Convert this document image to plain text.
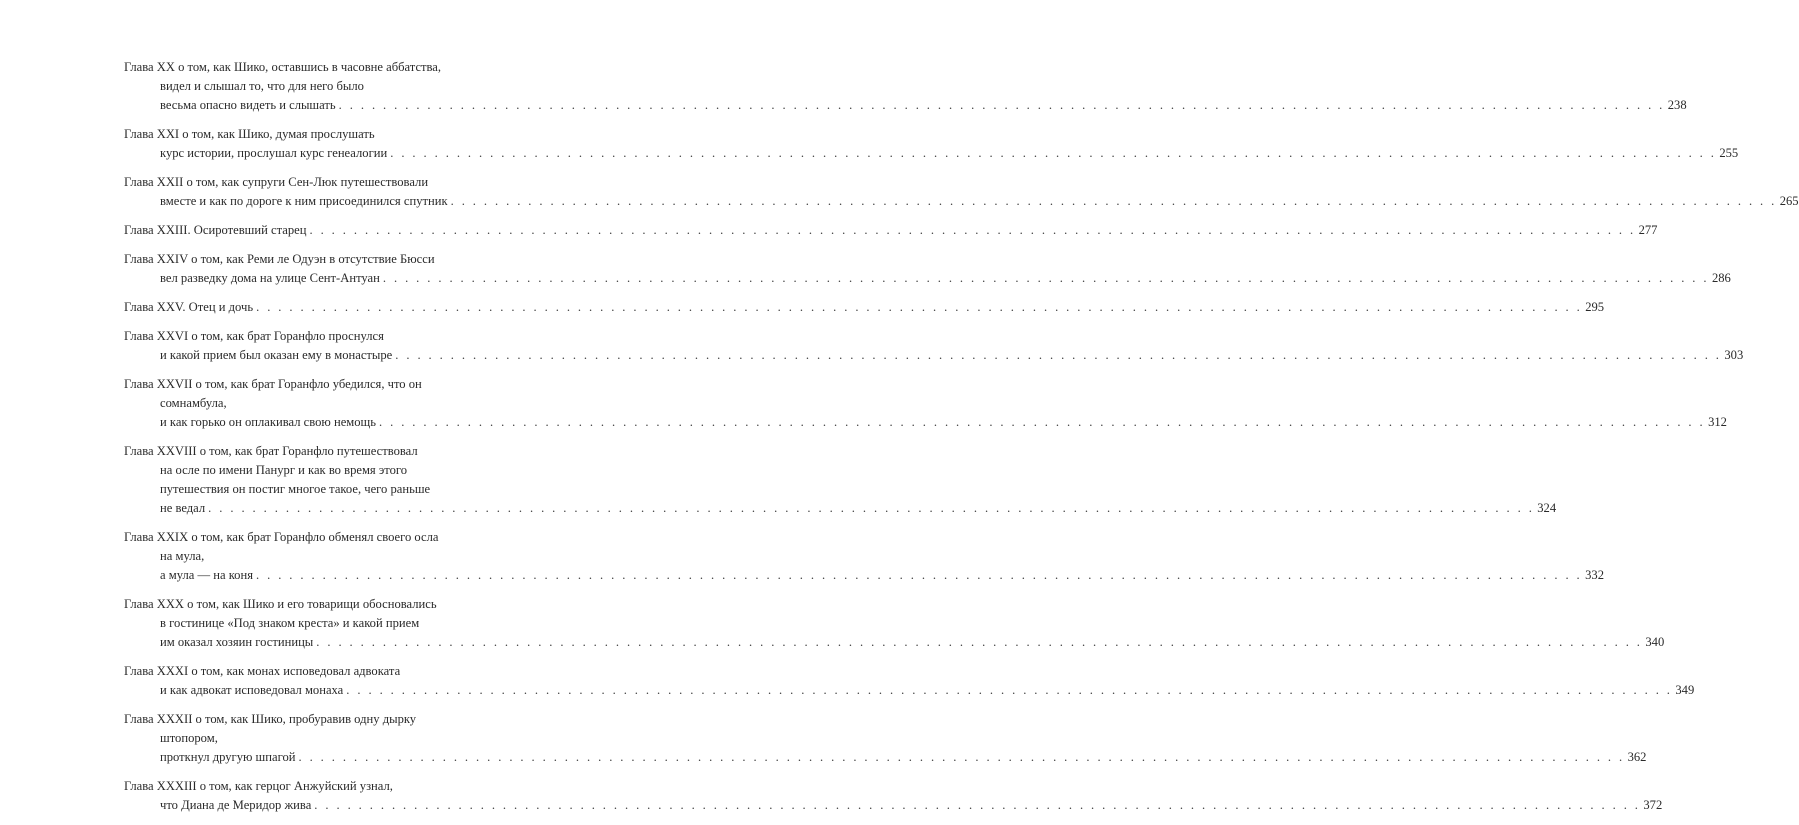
Глава XX о том, как Шико, оставшись в часовне аббатства,
видел и слышал то, что для него было
весьма опасно видеть и слышать . . . . . . . . . . . . . . . . . . . . . . . . . . . . . . . . . . . . . . . . . . . . . . . . . . . . . . . . . . . . . . . . . . . . . . . . . . . . . . . . . . . . . . . . . . . . . . . . . . . . . . . . . . . . . . . . . . . . . . . . 238
Глава XXI о том, как Шико, думая прослушать
курс истории, прослушал курс генеалогии . . . . . . . . . . . . . . . . . . . . . . . . . . . . . . . . . . . . . . . . . . . . . . . . . . . . . . . . . . . . . . . . . . . . . . . . . . . . . . . . . . . . . . . . . . . . . . . . . . . . . . . . . . . . . . . . . . . . . . . . 255
Глава XXII о том, как супруги Сен-Люк путешествовали
вместе и как по дороге к ним присоединился спутник . . . . . . . . . . . . . . . . . . . . . . . . . . . . . . . . . . . . . . . . . . . . . . . . . . . . . . . . . . . . . . . . . . . . . . . . . . . . . . . . . . . . . . . . . . . . . . . . . . . . . . . . . . . . . . . . . . . . . . . . 265
Глава XXIII. Осиротевший старец . . . . . . . . . . . . . . . . . . . . . . . . . . . . . . . . . . . . . . . . . . . . . . . . . . . . . . . . . . . . . . . . . . . . . . . . . . . . . . . . . . . . . . . . . . . . . . . . . . . . . . . . . . . . . . . . . . . . . . . . 277
Глава XXIV о том, как Реми ле Одуэн в отсутствие Бюсси
вел разведку дома на улице Сент-Антуан . . . . . . . . . . . . . . . . . . . . . . . . . . . . . . . . . . . . . . . . . . . . . . . . . . . . . . . . . . . . . . . . . . . . . . . . . . . . . . . . . . . . . . . . . . . . . . . . . . . . . . . . . . . . . . . . . . . . . . . . 286
Глава XXV. Отец и дочь . . . . . . . . . . . . . . . . . . . . . . . . . . . . . . . . . . . . . . . . . . . . . . . . . . . . . . . . . . . . . . . . . . . . . . . . . . . . . . . . . . . . . . . . . . . . . . . . . . . . . . . . . . . . . . . . . . . . . . . . 295
Глава XXVI о том, как брат Горанфло проснулся
и какой прием был оказан ему в монастыре . . . . . . . . . . . . . . . . . . . . . . . . . . . . . . . . . . . . . . . . . . . . . . . . . . . . . . . . . . . . . . . . . . . . . . . . . . . . . . . . . . . . . . . . . . . . . . . . . . . . . . . . . . . . . . . . . . . . . . . . 303
Глава XXVII о том, как брат Горанфло убедился, что он
сомнамбула,
и как горько он оплакивал свою немощь . . . . . . . . . . . . . . . . . . . . . . . . . . . . . . . . . . . . . . . . . . . . . . . . . . . . . . . . . . . . . . . . . . . . . . . . . . . . . . . . . . . . . . . . . . . . . . . . . . . . . . . . . . . . . . . . . . . . . . . . 312
Глава XXVIII о том, как брат Горанфло путешествовал
на осле по имени Панург и как во время этого
путешествия он постиг многое такое, чего раньше
не ведал . . . . . . . . . . . . . . . . . . . . . . . . . . . . . . . . . . . . . . . . . . . . . . . . . . . . . . . . . . . . . . . . . . . . . . . . . . . . . . . . . . . . . . . . . . . . . . . . . . . . . . . . . . . . . . . . . . . . . . . . 324
Глава XXIX о том, как брат Горанфло обменял своего осла
на мула,
а мула — на коня . . . . . . . . . . . . . . . . . . . . . . . . . . . . . . . . . . . . . . . . . . . . . . . . . . . . . . . . . . . . . . . . . . . . . . . . . . . . . . . . . . . . . . . . . . . . . . . . . . . . . . . . . . . . . . . . . . . . . . . . 332
Глава XXX о том, как Шико и его товарищи обосновались
в гостинице «Под знаком креста» и какой прием
им оказал хозяин гостиницы . . . . . . . . . . . . . . . . . . . . . . . . . . . . . . . . . . . . . . . . . . . . . . . . . . . . . . . . . . . . . . . . . . . . . . . . . . . . . . . . . . . . . . . . . . . . . . . . . . . . . . . . . . . . . . . . . . . . . . . . 340
Глава XXXI о том, как монах исповедовал адвоката
и как адвокат исповедовал монаха . . . . . . . . . . . . . . . . . . . . . . . . . . . . . . . . . . . . . . . . . . . . . . . . . . . . . . . . . . . . . . . . . . . . . . . . . . . . . . . . . . . . . . . . . . . . . . . . . . . . . . . . . . . . . . . . . . . . . . . . 349
Глава XXXII о том, как Шико, пробуравив одну дырку
штопором,
проткнул другую шпагой . . . . . . . . . . . . . . . . . . . . . . . . . . . . . . . . . . . . . . . . . . . . . . . . . . . . . . . . . . . . . . . . . . . . . . . . . . . . . . . . . . . . . . . . . . . . . . . . . . . . . . . . . . . . . . . . . . . . . . . . 362
Глава XXXIII о том, как герцог Анжуйский узнал,
что Диана де Меридор жива . . . . . . . . . . . . . . . . . . . . . . . . . . . . . . . . . . . . . . . . . . . . . . . . . . . . . . . . . . . . . . . . . . . . . . . . . . . . . . . . . . . . . . . . . . . . . . . . . . . . . . . . . . . . . . . . . . . . . . . . 372
